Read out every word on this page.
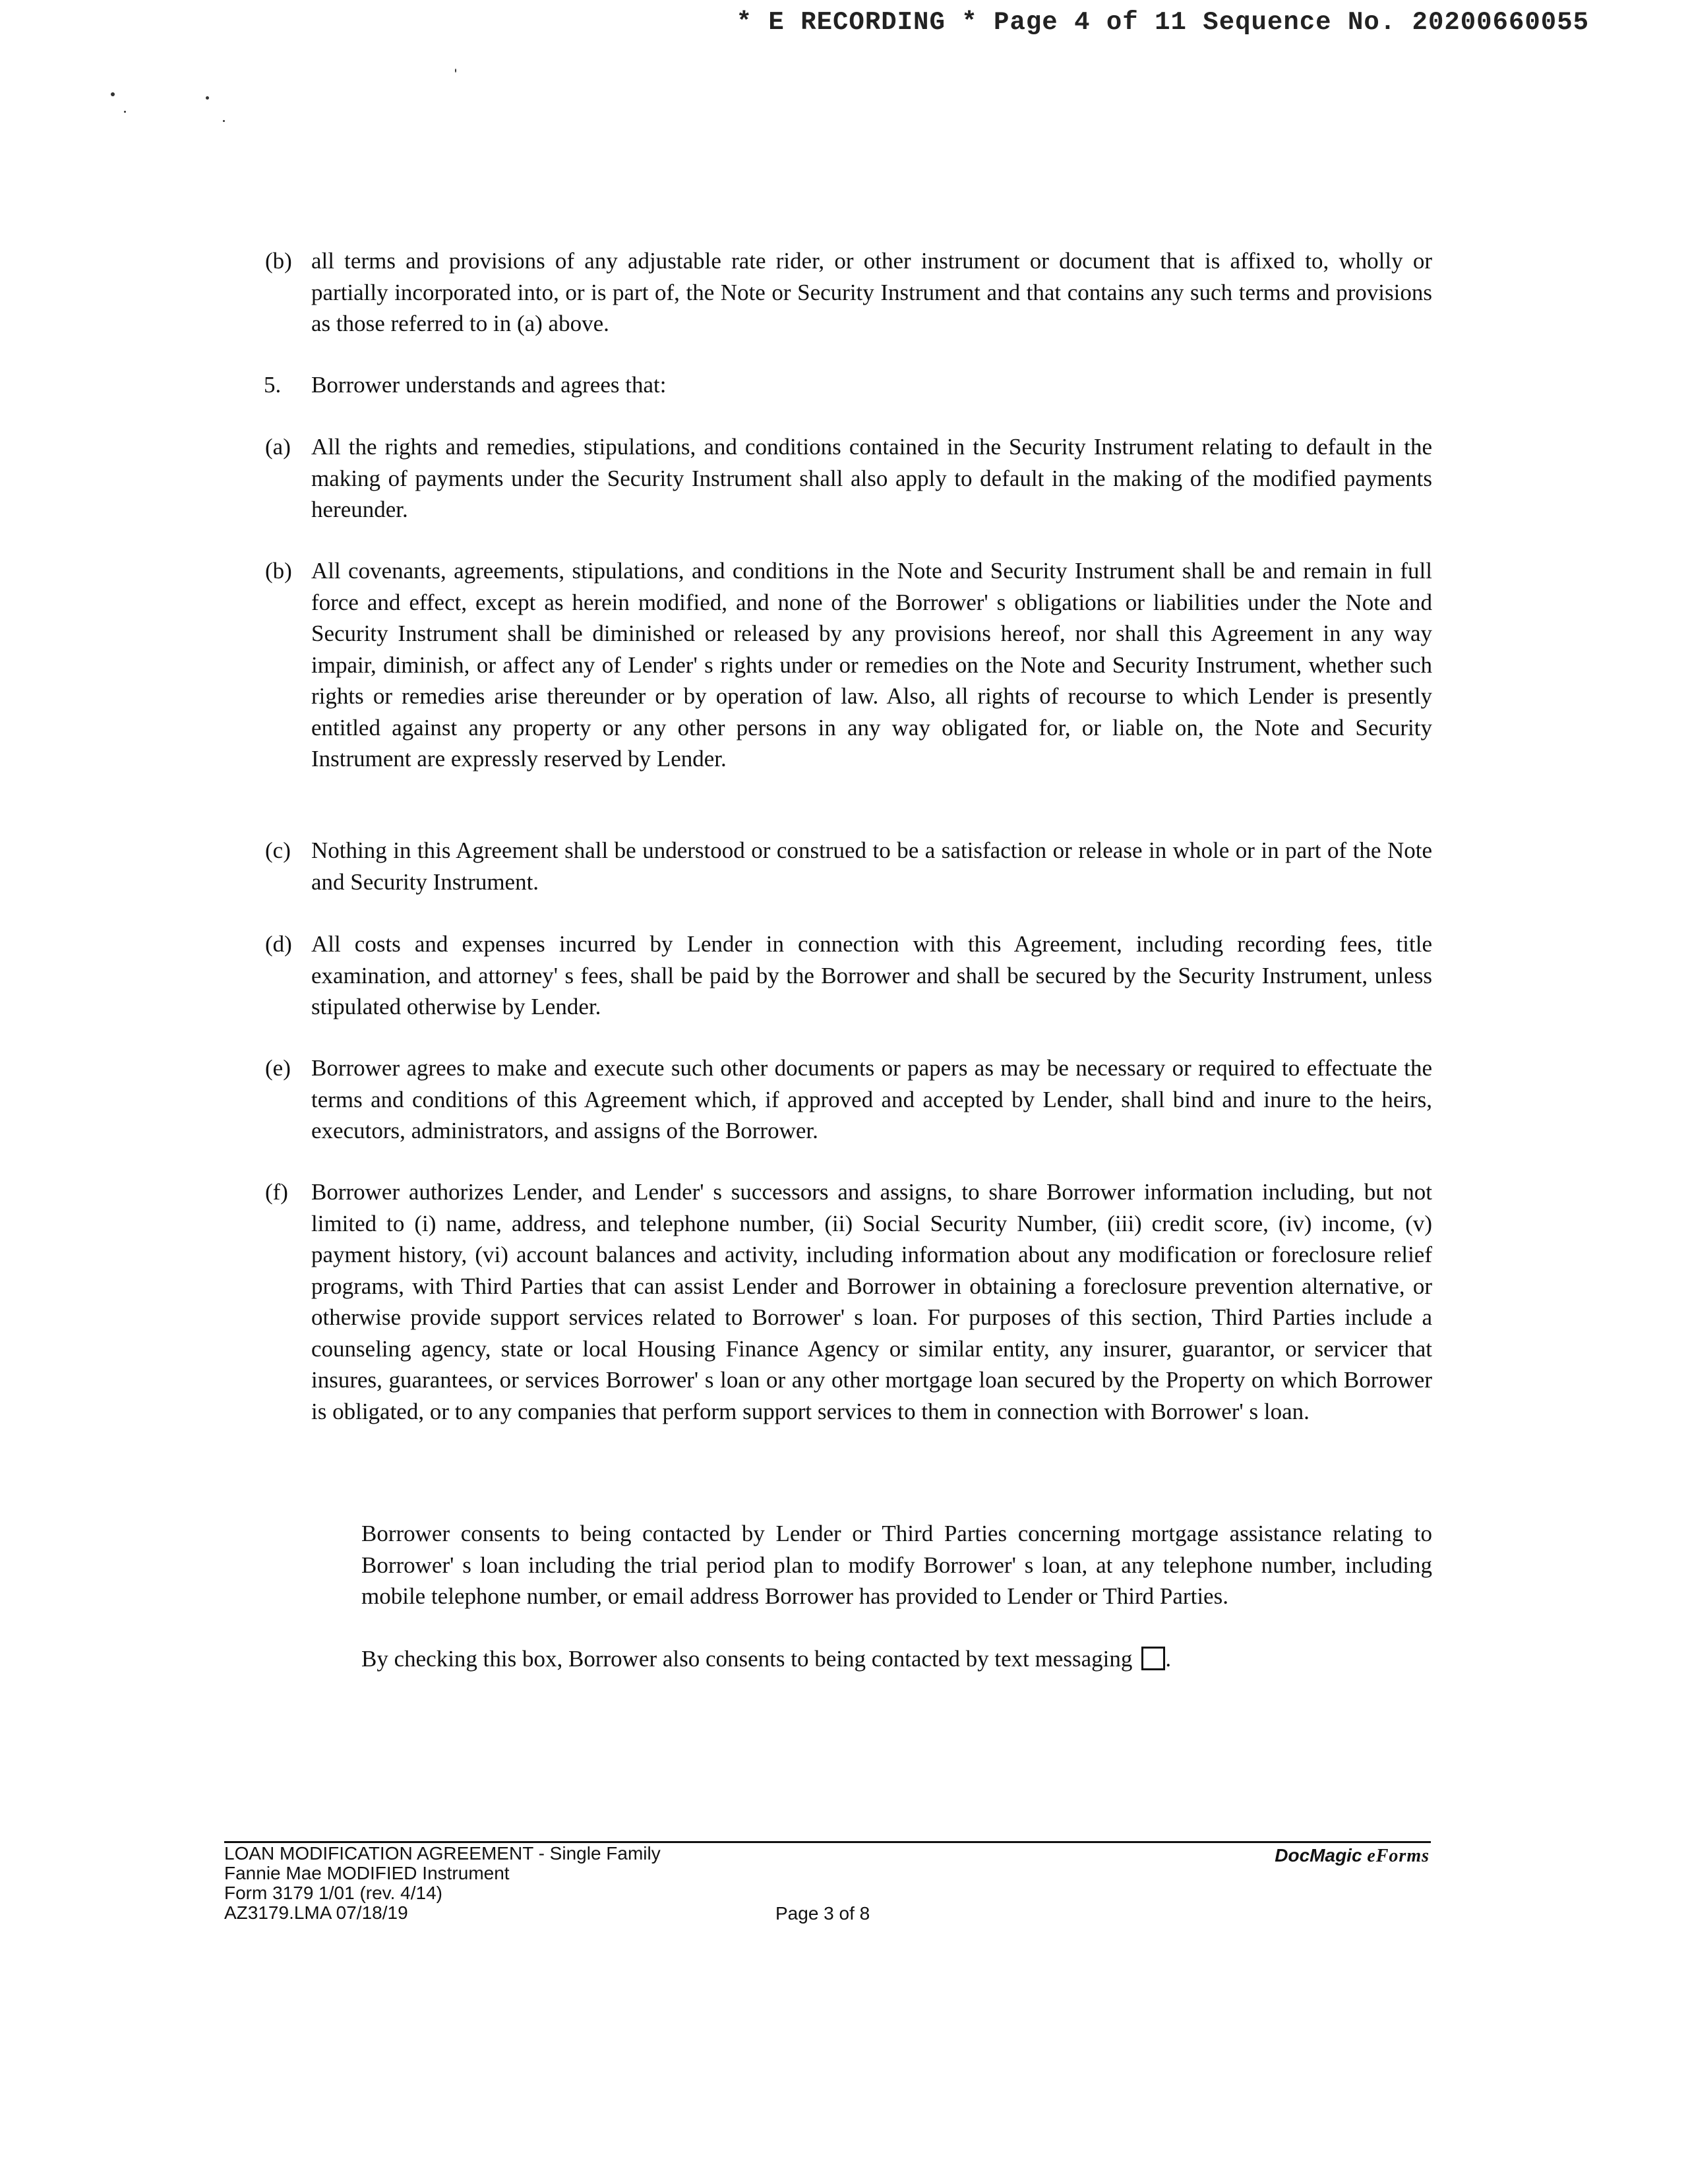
* E RECORDING * Page 4 of 11 Sequence No. 20200660055
(b) all terms and provisions of any adjustable rate rider, or other instrument or document that is affixed to, wholly or partially incorporated into, or is part of, the Note or Security Instrument and that contains any such terms and provisions as those referred to in (a) above.
5. Borrower understands and agrees that:
(a) All the rights and remedies, stipulations, and conditions contained in the Security Instrument relating to default in the making of payments under the Security Instrument shall also apply to default in the making of the modified payments hereunder.
(b) All covenants, agreements, stipulations, and conditions in the Note and Security Instrument shall be and remain in full force and effect, except as herein modified, and none of the Borrower' s obligations or liabilities under the Note and Security Instrument shall be diminished or released by any provisions hereof, nor shall this Agreement in any way impair, diminish, or affect any of Lender' s rights under or remedies on the Note and Security Instrument, whether such rights or remedies arise thereunder or by operation of law. Also, all rights of recourse to which Lender is presently entitled against any property or any other persons in any way obligated for, or liable on, the Note and Security Instrument are expressly reserved by Lender.
(c) Nothing in this Agreement shall be understood or construed to be a satisfaction or release in whole or in part of the Note and Security Instrument.
(d) All costs and expenses incurred by Lender in connection with this Agreement, including recording fees, title examination, and attorney' s fees, shall be paid by the Borrower and shall be secured by the Security Instrument, unless stipulated otherwise by Lender.
(e) Borrower agrees to make and execute such other documents or papers as may be necessary or required to effectuate the terms and conditions of this Agreement which, if approved and accepted by Lender, shall bind and inure to the heirs, executors, administrators, and assigns of the Borrower.
(f) Borrower authorizes Lender, and Lender' s successors and assigns, to share Borrower information including, but not limited to (i) name, address, and telephone number, (ii) Social Security Number, (iii) credit score, (iv) income, (v) payment history, (vi) account balances and activity, including information about any modification or foreclosure relief programs, with Third Parties that can assist Lender and Borrower in obtaining a foreclosure prevention alternative, or otherwise provide support services related to Borrower' s loan. For purposes of this section, Third Parties include a counseling agency, state or local Housing Finance Agency or similar entity, any insurer, guarantor, or servicer that insures, guarantees, or services Borrower' s loan or any other mortgage loan secured by the Property on which Borrower is obligated, or to any companies that perform support services to them in connection with Borrower' s loan.
Borrower consents to being contacted by Lender or Third Parties concerning mortgage assistance relating to Borrower' s loan including the trial period plan to modify Borrower' s loan, at any telephone number, including mobile telephone number, or email address Borrower has provided to Lender or Third Parties.
By checking this box, Borrower also consents to being contacted by text messaging .
LOAN MODIFICATION AGREEMENT - Single Family
Fannie Mae MODIFIED Instrument
Form 3179 1/01 (rev. 4/14)
AZ3179.LMA 07/18/19	Page 3 of 8
DocMagic eForms
